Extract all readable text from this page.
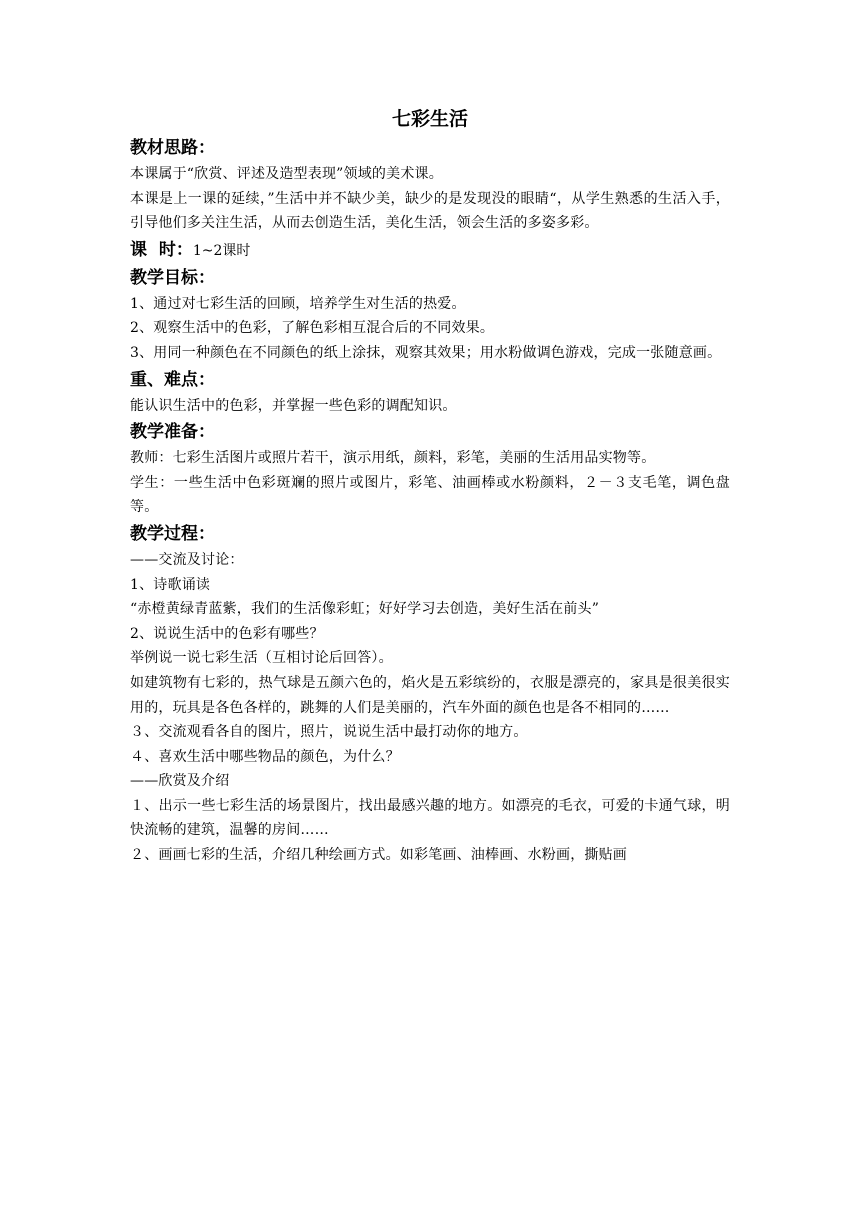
七彩生活
教材思路：
本课属于“欣赏、评述及造型表现”领域的美术课。
本课是上一课的延续，”生活中并不缺少美，缺少的是发现没的眼睛“，从学生熟悉的生活入手，引导他们多关注生活，从而去创造生活，美化生活，领会生活的多姿多彩。
课  时：1~2课时
教学目标：
1、通过对七彩生活的回顾，培养学生对生活的热爱。
2、观察生活中的色彩，了解色彩相互混合后的不同效果。
3、用同一种颜色在不同颜色的纸上涂抹，观察其效果；用水粉做调色游戏，完成一张随意画。
重、难点：
能认识生活中的色彩，并掌握一些色彩的调配知识。
教学准备：
教师：七彩生活图片或照片若干，演示用纸，颜料，彩笔，美丽的生活用品实物等。
学生：一些生活中色彩斑斓的照片或图片，彩笔、油画棒或水粉颜料，２－３支毛笔，调色盘等。
教学过程：
——交流及讨论：
1、诗歌诵读
“赤橙黄绿青蓝紫，我们的生活像彩虹；好好学习去创造，美好生活在前头”
2、说说生活中的色彩有哪些？
举例说一说七彩生活（互相讨论后回答）。
如建筑物有七彩的，热气球是五颜六色的，焰火是五彩缤纷的，衣服是漂亮的，家具是很美很实用的，玩具是各色各样的，跳舞的人们是美丽的，汽车外面的颜色也是各不相同的……
３、交流观看各自的图片，照片，说说生活中最打动你的地方。
４、喜欢生活中哪些物品的颜色，为什么？
——欣赏及介绍
１、出示一些七彩生活的场景图片，找出最感兴趣的地方。如漂亮的毛衣，可爱的卡通气球，明快流畅的建筑，温馨的房间……
２、画画七彩的生活，介绍几种绘画方式。如彩笔画、油棒画、水粉画，撕贴画
